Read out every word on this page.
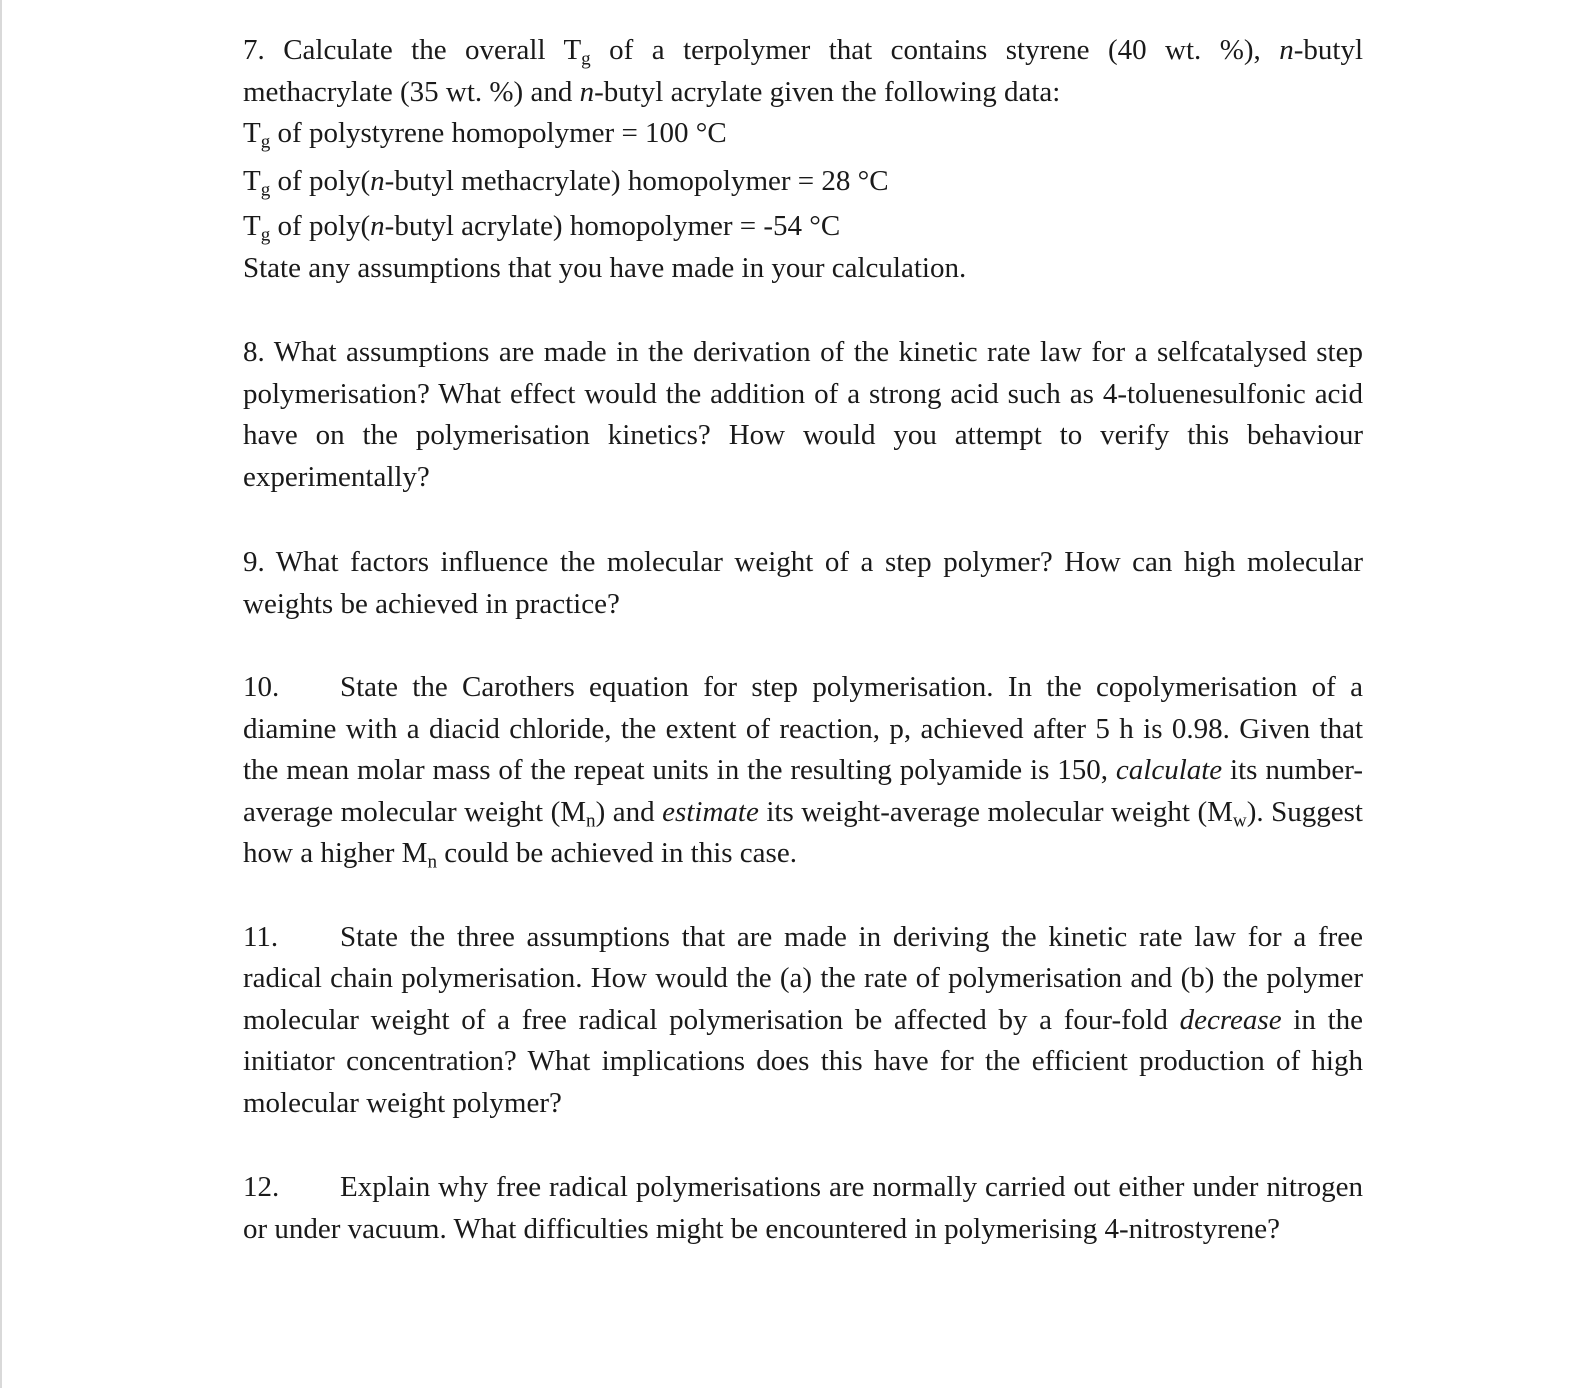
7. Calculate the overall $T_g$ of a terpolymer that contains styrene (40 wt. %), n-butyl
methacrylate (35 wt. %) and n-butyl acrylate given the following data:
$T_g$ of polystyrene homopolymer = 100 °C
$T_g$ of poly(n-butyl methacrylate) homopolymer = 28 °C
$T_g$ of poly(n-butyl acrylate) homopolymer = -54 °C
State any assumptions that you have made in your calculation.

8. What assumptions are made in the derivation of the kinetic rate law for a selfcatalysed step polymerisation? What effect would the addition of a strong acid such as 4-toluenesulfonic acid have on the polymerisation kinetics? How would you attempt to verify this behaviour experimentally?

9. What factors influence the molecular weight of a step polymer? How can high molecular weights be achieved in practice?

10. State the Carothers equation for step polymerisation. In the copolymerisation of a diamine with a diacid chloride, the extent of reaction, p, achieved after 5 h is 0.98. Given that the mean molar mass of the repeat units in the resulting polyamide is 150, calculate its number-average molecular weight $(M_n)$ and estimate its weight-average molecular weight $(M_w)$. Suggest how a higher $M_n$ could be achieved in this case.

11. State the three assumptions that are made in deriving the kinetic rate law for a free radical chain polymerisation. How would the (a) the rate of polymerisation and (b) the polymer molecular weight of a free radical polymerisation be affected by a four-fold decrease in the initiator concentration? What implications does this have for the efficient production of high molecular weight polymer?

12. Explain why free radical polymerisations are normally carried out either under nitrogen or under vacuum. What difficulties might be encountered in polymerising 4-nitrostyrene?
